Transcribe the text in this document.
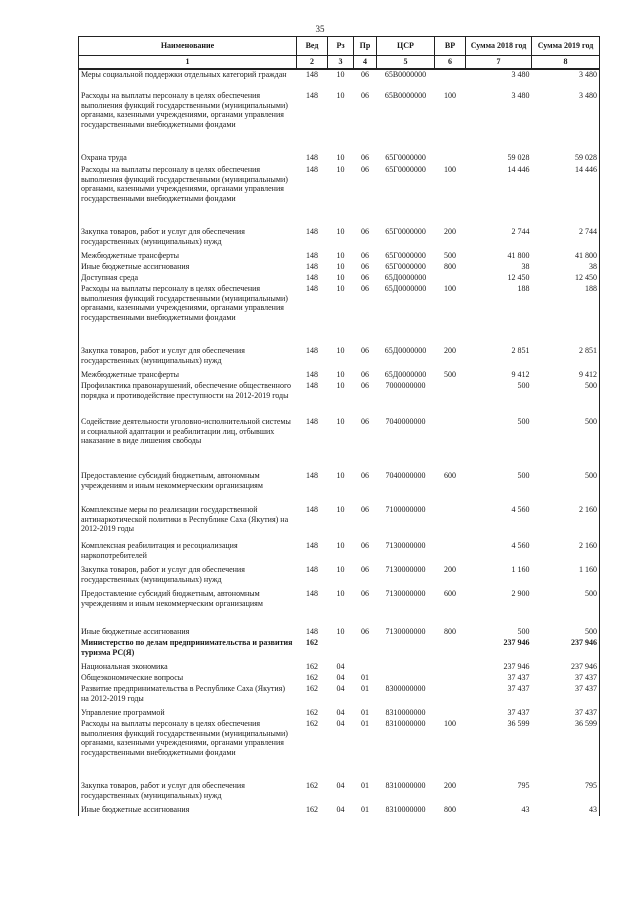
35
Наименование	Вед	Рз	Пр	ЦСР	ВР	Сумма 2018 год	Сумма 2019 год
1	2	3	4	5	6	7	8
Меры социальной поддержки отдельных категорий граждан	148	10	06	65В0000000		3 480	3 480
Расходы на выплаты персоналу в целях обеспечения выполнения функций государственными (муниципальными) органами, казенными учреждениями, органами управления государственными внебюджетными фондами	148	10	06	65В0000000	100	3 480	3 480
Охрана труда	148	10	06	65Г0000000		59 028	59 028
Расходы на выплаты персоналу в целях обеспечения выполнения функций государственными (муниципальными) органами, казенными учреждениями, органами управления государственными внебюджетными фондами	148	10	06	65Г0000000	100	14 446	14 446
Закупка товаров, работ и услуг для обеспечения государственных (муниципальных) нужд	148	10	06	65Г0000000	200	2 744	2 744
Межбюджетные трансферты	148	10	06	65Г0000000	500	41 800	41 800
Иные бюджетные ассигнования	148	10	06	65Г0000000	800	38	38
Доступная среда	148	10	06	65Д0000000		12 450	12 450
Расходы на выплаты персоналу в целях обеспечения выполнения функций государственными (муниципальными) органами, казенными учреждениями, органами управления государственными внебюджетными фондами	148	10	06	65Д0000000	100	188	188
Закупка товаров, работ и услуг для обеспечения государственных (муниципальных) нужд	148	10	06	65Д0000000	200	2 851	2 851
Межбюджетные трансферты	148	10	06	65Д0000000	500	9 412	9 412
Профилактика правонарушений, обеспечение общественного порядка и противодействие преступности на 2012-2019 годы	148	10	06	7000000000		500	500
Содействие деятельности уголовно-исполнительной системы и социальной адаптации и реабилитации лиц, отбывших наказание в виде лишения свободы	148	10	06	7040000000		500	500
Предоставление субсидий бюджетным, автономным учреждениям и иным некоммерческим организациям	148	10	06	7040000000	600	500	500
Комплексные меры по реализации государственной антинаркотической политики в Республике Саха (Якутия) на 2012-2019 годы	148	10	06	7100000000		4 560	2 160
Комплексная реабилитация и ресоциализация наркопотребителей	148	10	06	7130000000		4 560	2 160
Закупка товаров, работ и услуг для обеспечения государственных (муниципальных) нужд	148	10	06	7130000000	200	1 160	1 160
Предоставление субсидий бюджетным, автономным учреждениям и иным некоммерческим организациям	148	10	06	7130000000	600	2 900	500
Иные бюджетные ассигнования	148	10	06	7130000000	800	500	500
Министерство по делам предпринимательства и развития туризма РС(Я)	162					237 946	237 946
Национальная экономика	162	04				237 946	237 946
Общеэкономические вопросы	162	04	01			37 437	37 437
Развитие предпринимательства в Республике Саха (Якутия) на 2012-2019 годы	162	04	01	8300000000		37 437	37 437
Управление программой	162	04	01	8310000000		37 437	37 437
Расходы на выплаты персоналу в целях обеспечения выполнения функций государственными (муниципальными) органами, казенными учреждениями, органами управления государственными внебюджетными фондами	162	04	01	8310000000	100	36 599	36 599
Закупка товаров, работ и услуг для обеспечения государственных (муниципальных) нужд	162	04	01	8310000000	200	795	795
Иные бюджетные ассигнования	162	04	01	8310000000	800	43	43
